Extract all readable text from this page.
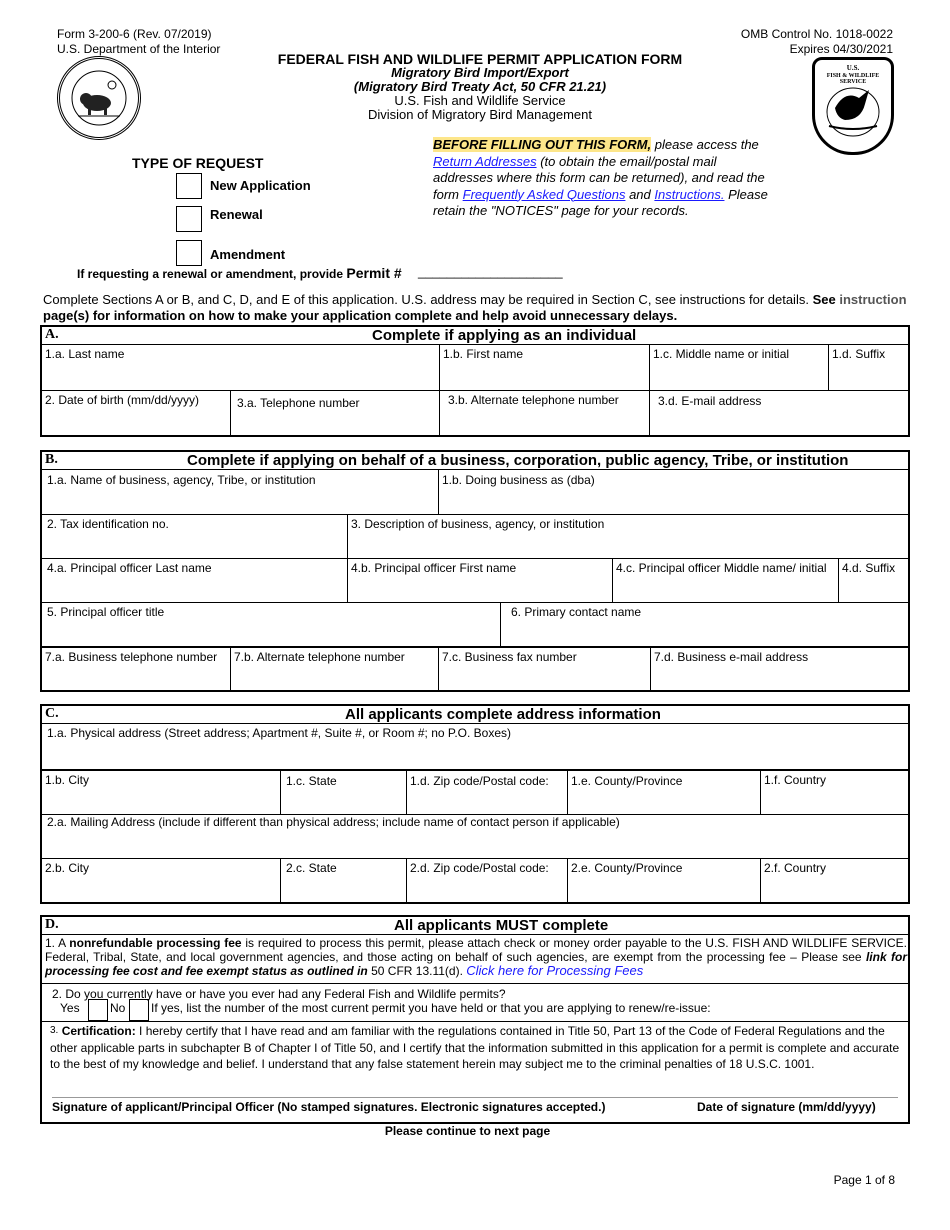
Form 3-200-6 (Rev. 07/2019)
U.S. Department of the Interior
OMB Control No. 1018-0022
Expires 04/30/2021
FEDERAL FISH AND WILDLIFE PERMIT APPLICATION FORM
Migratory Bird Import/Export
(Migratory Bird Treaty Act, 50 CFR 21.21)
U.S. Fish and Wildlife Service
Division of Migratory Bird Management
U.S.
FISH & WILDLIFE
SERVICE
TYPE OF REQUEST
New Application
Renewal
Amendment
If requesting a renewal or amendment, provide Permit # ____________________
BEFORE FILLING OUT THIS FORM, please access the Return Addresses (to obtain the email/postal mail addresses where this form can be returned), and read the form Frequently Asked Questions and Instructions. Please retain the "NOTICES" page for your records.
Complete Sections A or B, and C, D, and E of this application. U.S. address may be required in Section C, see instructions for details. See instruction page(s) for information on how to make your application complete and help avoid unnecessary delays.
A.	Complete if applying as an individual
1.a. Last name	1.b. First name	1.c. Middle name or initial	1.d. Suffix
2. Date of birth (mm/dd/yyyy)	3.a. Telephone number	3.b. Alternate telephone number	3.d. E-mail address
B.	Complete if applying on behalf of a business, corporation, public agency, Tribe, or institution
1.a. Name of business, agency, Tribe, or institution	1.b. Doing business as (dba)
2. Tax identification no.	3. Description of business, agency, or institution
4.a. Principal officer Last name	4.b. Principal officer First name	4.c. Principal officer Middle name/ initial	4.d. Suffix
5. Principal officer title	6. Primary contact name
7.a. Business telephone number	7.b. Alternate telephone number	7.c. Business fax number	7.d. Business e-mail address
C.	All applicants complete address information
1.a. Physical address (Street address; Apartment #, Suite #, or Room #; no P.O. Boxes)
1.b. City	1.c. State	1.d. Zip code/Postal code:	1.e. County/Province	1.f. Country
2.a. Mailing Address (include if different than physical address; include name of contact person if applicable)
2.b. City	2.c. State	2.d. Zip code/Postal code:	2.e. County/Province	2.f. Country
D.	All applicants MUST complete
1. A nonrefundable processing fee is required to process this permit, please attach check or money order payable to the U.S. FISH AND WILDLIFE SERVICE. Federal, Tribal, State, and local government agencies, and those acting on behalf of such agencies, are exempt from the processing fee – Please see link for processing fee cost and fee exempt status as outlined in 50 CFR 13.11(d). Click here for Processing Fees
2. Do you currently have or have you ever had any Federal Fish and Wildlife permits?
Yes	No If yes, list the number of the most current permit you have held or that you are applying to renew/re-issue:
$^{3.}$ Certification: I hereby certify that I have read and am familiar with the regulations contained in Title 50, Part 13 of the Code of Federal Regulations and the other applicable parts in subchapter B of Chapter I of Title 50, and I certify that the information submitted in this application for a permit is complete and accurate to the best of my knowledge and belief. I understand that any false statement herein may subject me to the criminal penalties of 18 U.S.C. 1001.
Signature of applicant/Principal Officer (No stamped signatures. Electronic signatures accepted.)	Date of signature (mm/dd/yyyy)
Please continue to next page
Page 1 of 8
